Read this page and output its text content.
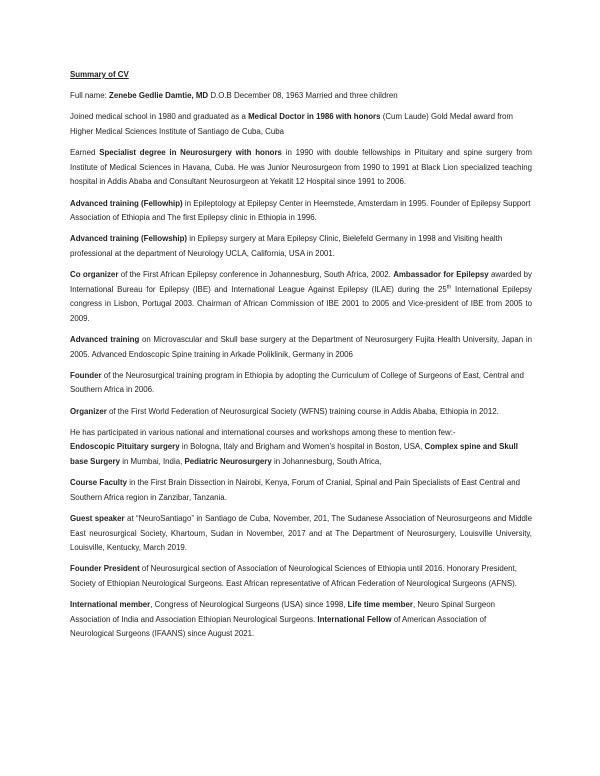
Summary of CV

Full name: Zenebe Gedlie Damtie, MD D.O.B December 08, 1963 Married and three children

Joined medical school in 1980 and graduated as a Medical Doctor in 1986 with honors (Cum Laude) Gold Medal award from Higher Medical Sciences Institute of Santiago de Cuba, Cuba

Earned Specialist degree in Neurosurgery with honors in 1990 with double fellowships in Pituitary and spine surgery from Institute of Medical Sciences in Havana, Cuba. He was Junior Neurosurgeon from 1990 to 1991 at Black Lion specialized teaching hospital in Addis Ababa and Consultant Neurosurgeon at Yekatit 12 Hospital since 1991 to 2006.

Advanced training (Fellowhip) in Epileptology at Epilepsy Center in Heemstede, Amsterdam in 1995. Founder of Epilepsy Support Association of Ethiopia and The first Epilepsy clinic in Ethiopia in 1996.

Advanced training (Fellowship) in Epilepsy surgery at Mara Epilepsy Clinic, Bielefeld Germany in 1998 and Visiting health professional at the department of Neurology UCLA, California, USA in 2001.

Co organizer of the First African Epilepsy conference in Johannesburg, South Africa, 2002. Ambassador for Epilepsy awarded by International Bureau for Epilepsy (IBE) and International League Against Epilepsy (ILAE) during the 25th International Epilepsy congress in Lisbon, Portugal 2003. Chairman of African Commission of IBE 2001 to 2005 and Vice-president of IBE from 2005 to 2009.

Advanced training on Microvascular and Skull base surgery at the Department of Neurosurgery Fujita Health University, Japan in 2005. Advanced Endoscopic Spine training in Arkade Poliklinik, Germany in 2006

Founder of the Neurosurgical training program in Ethiopia by adopting the Curriculum of College of Surgeons of East, Central and Southern Africa in 2006.

Organizer of the First World Federation of Neurosurgical Society (WFNS) training course in Addis Ababa, Ethiopia in 2012.

He has participated in various national and international courses and workshops among these to mention few:-
Endoscopic Pituitary surgery in Bologna, Italy and Brigham and Women’s hospital in Boston, USA, Complex spine and Skull base Surgery in Mumbai, India, Pediatric Neurosurgery in Johannesburg, South Africa,

Course Faculty in the First Brain Dissection in Nairobi, Kenya, Forum of Cranial, Spinal and Pain Specialists of East Central and Southern Africa region in Zanzibar, Tanzania.

Guest speaker at “NeuroSantiago” in Santiago de Cuba, November, 201, The Sudanese Association of Neurosurgeons and Middle East neurosurgical Society, Khartoum, Sudan in November, 2017 and at The Department of Neurosurgery, Louisville University, Louisville, Kentucky, March 2019.

Founder President of Neurosurgical section of Association of Neurological Sciences of Ethiopia until 2016. Honorary President, Society of Ethiopian Neurological Surgeons. East African representative of African Federation of Neurological Surgeons (AFNS).

International member, Congress of Neurological Surgeons (USA) since 1998, Life time member, Neuro Spinal Surgeon Association of India and Association Ethiopian Neurological Surgeons. International Fellow of American Association of Neurological Surgeons (IFAANS) since August 2021.
